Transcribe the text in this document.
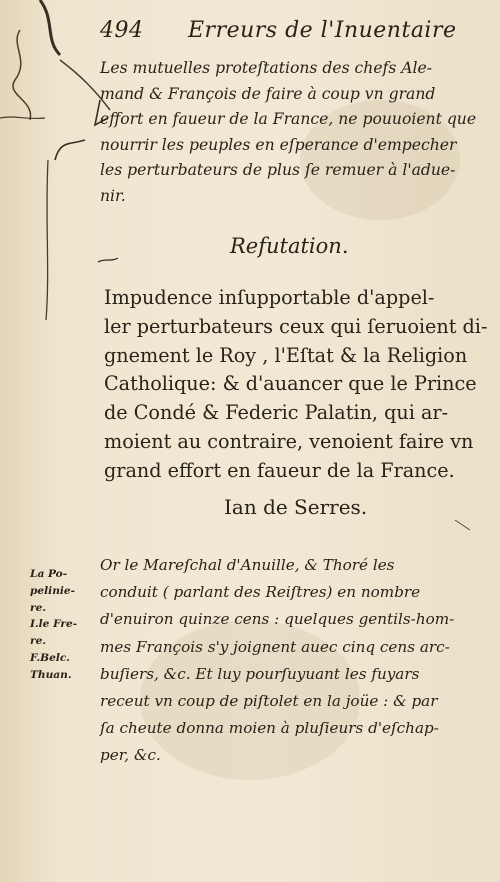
494 Erreurs de l'Inuentaire
Les mutuelles proteſtations des chefs Ale-
mand & François de faire à coup vn grand
effort en faueur de la France, ne pouuoient que
nourrir les peuples en eſperance d'empecher
les perturbateurs de plus ſe remuer à l'adue-
nir.
Refutation.
Impudence inſupportable d'appel-
ler perturbateurs ceux qui ſeruoient di-
gnement le Roy , l'Eſtat & la Religion
Catholique: & d'auancer que le Prince
de Condé & Federic Palatin, qui ar-
moient au contraire, venoient faire vn
grand effort en faueur de la France.
Ian de Serres.
La Po-
pelinie-
re.
I.le Fre-
re.
F.Belc.
Thuan.
Or le Mareſchal d'Anuille, & Thoré les
conduit ( parlant des Reiſtres) en nombre
d'enuiron quinze cens : quelques gentils-hom-
mes François s'y joignent auec cinq cens arc-
buſiers, &c. Et luy pourſuyuant les fuyars
receut vn coup de piſtolet en la joüe : & par
ſa cheute donna moien à pluſieurs d'eſchap-
per, &c.
